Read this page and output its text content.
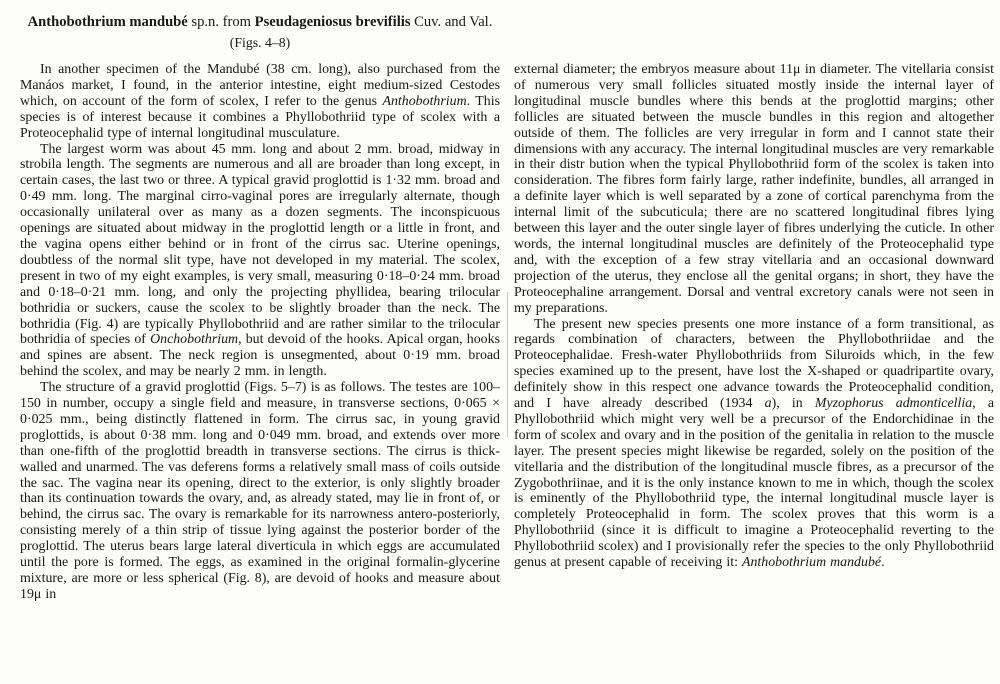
Anthobothrium mandubé sp.n. from Pseudageniosus brevifilis Cuv. and Val.
(Figs. 4–8)

In another specimen of the Mandubé (38 cm. long), also purchased from the Manáos market, I found, in the anterior intestine, eight medium-sized Cestodes which, on account of the form of scolex, I refer to the genus Anthobothrium. This species is of interest because it combines a Phyllobothriid type of scolex with a Proteocephalid type of internal longitudinal musculature.

The largest worm was about 45 mm. long and about 2 mm. broad, midway in strobila length. The segments are numerous and all are broader than long except, in certain cases, the last two or three. A typical gravid proglottid is 1·32 mm. broad and 0·49 mm. long. The marginal cirro-vaginal pores are irregularly alternate, though occasionally unilateral over as many as a dozen segments. The inconspicuous openings are situated about midway in the proglottid length or a little in front, and the vagina opens either behind or in front of the cirrus sac. Uterine openings, doubtless of the normal slit type, have not developed in my material. The scolex, present in two of my eight examples, is very small, measuring 0·18–0·24 mm. broad and 0·18–0·21 mm. long, and only the projecting phyllidea, bearing trilocular bothridia or suckers, cause the scolex to be slightly broader than the neck. The bothridia (Fig. 4) are typically Phyllobothriid and are rather similar to the trilocular bothridia of species of Onchobothrium, but devoid of the hooks. Apical organ, hooks and spines are absent. The neck region is unsegmented, about 0·19 mm. broad behind the scolex, and may be nearly 2 mm. in length.

The structure of a gravid proglottid (Figs. 5–7) is as follows. The testes are 100–150 in number, occupy a single field and measure, in transverse sections, 0·065 × 0·025 mm., being distinctly flattened in form. The cirrus sac, in young gravid proglottids, is about 0·38 mm. long and 0·049 mm. broad, and extends over more than one-fifth of the proglottid breadth in transverse sections. The cirrus is thick-walled and unarmed. The vas deferens forms a relatively small mass of coils outside the sac. The vagina near its opening, direct to the exterior, is only slightly broader than its continuation towards the ovary, and, as already stated, may lie in front of, or behind, the cirrus sac. The ovary is remarkable for its narrowness antero-posteriorly, consisting merely of a thin strip of tissue lying against the posterior border of the proglottid. The uterus bears large lateral diverticula in which eggs are accumulated until the pore is formed. The eggs, as examined in the original formalin-glycerine mixture, are more or less spherical (Fig. 8), are devoid of hooks and measure about 19μ in

external diameter; the embryos measure about 11μ in diameter. The vitellaria consist of numerous very small follicles situated mostly inside the internal layer of longitudinal muscle bundles where this bends at the proglottid margins; other follicles are situated between the muscle bundles in this region and altogether outside of them. The follicles are very irregular in form and I cannot state their dimensions with any accuracy. The internal longitudinal muscles are very remarkable in their distr bution when the typical Phyllobothriid form of the scolex is taken into consideration. The fibres form fairly large, rather indefinite, bundles, all arranged in a definite layer which is well separated by a zone of cortical parenchyma from the internal limit of the subcuticula; there are no scattered longitudinal fibres lying between this layer and the outer single layer of fibres underlying the cuticle. In other words, the internal longitudinal muscles are definitely of the Proteocephalid type and, with the exception of a few stray vitellaria and an occasional downward projection of the uterus, they enclose all the genital organs; in short, they have the Proteocephaline arrangement. Dorsal and ventral excretory canals were not seen in my preparations.

The present new species presents one more instance of a form transitional, as regards combination of characters, between the Phyllobothriidae and the Proteocephalidae. Fresh-water Phyllobothriids from Siluroids which, in the few species examined up to the present, have lost the X-shaped or quadripartite ovary, definitely show in this respect one advance towards the Proteocephalid condition, and I have already described (1934 a), in Myzophorus admonticellia, a Phyllobothriid which might very well be a precursor of the Endorchidinae in the form of scolex and ovary and in the position of the genitalia in relation to the muscle layer. The present species might likewise be regarded, solely on the position of the vitellaria and the distribution of the longitudinal muscle fibres, as a precursor of the Zygobothriinae, and it is the only instance known to me in which, though the scolex is eminently of the Phyllobothriid type, the internal longitudinal muscle layer is completely Proteocephalid in form. The scolex proves that this worm is a Phyllobothriid (since it is difficult to imagine a Proteocephalid reverting to the Phyllobothriid scolex) and I provisionally refer the species to the only Phyllobothriid genus at present capable of receiving it: Anthobothrium mandubé.
